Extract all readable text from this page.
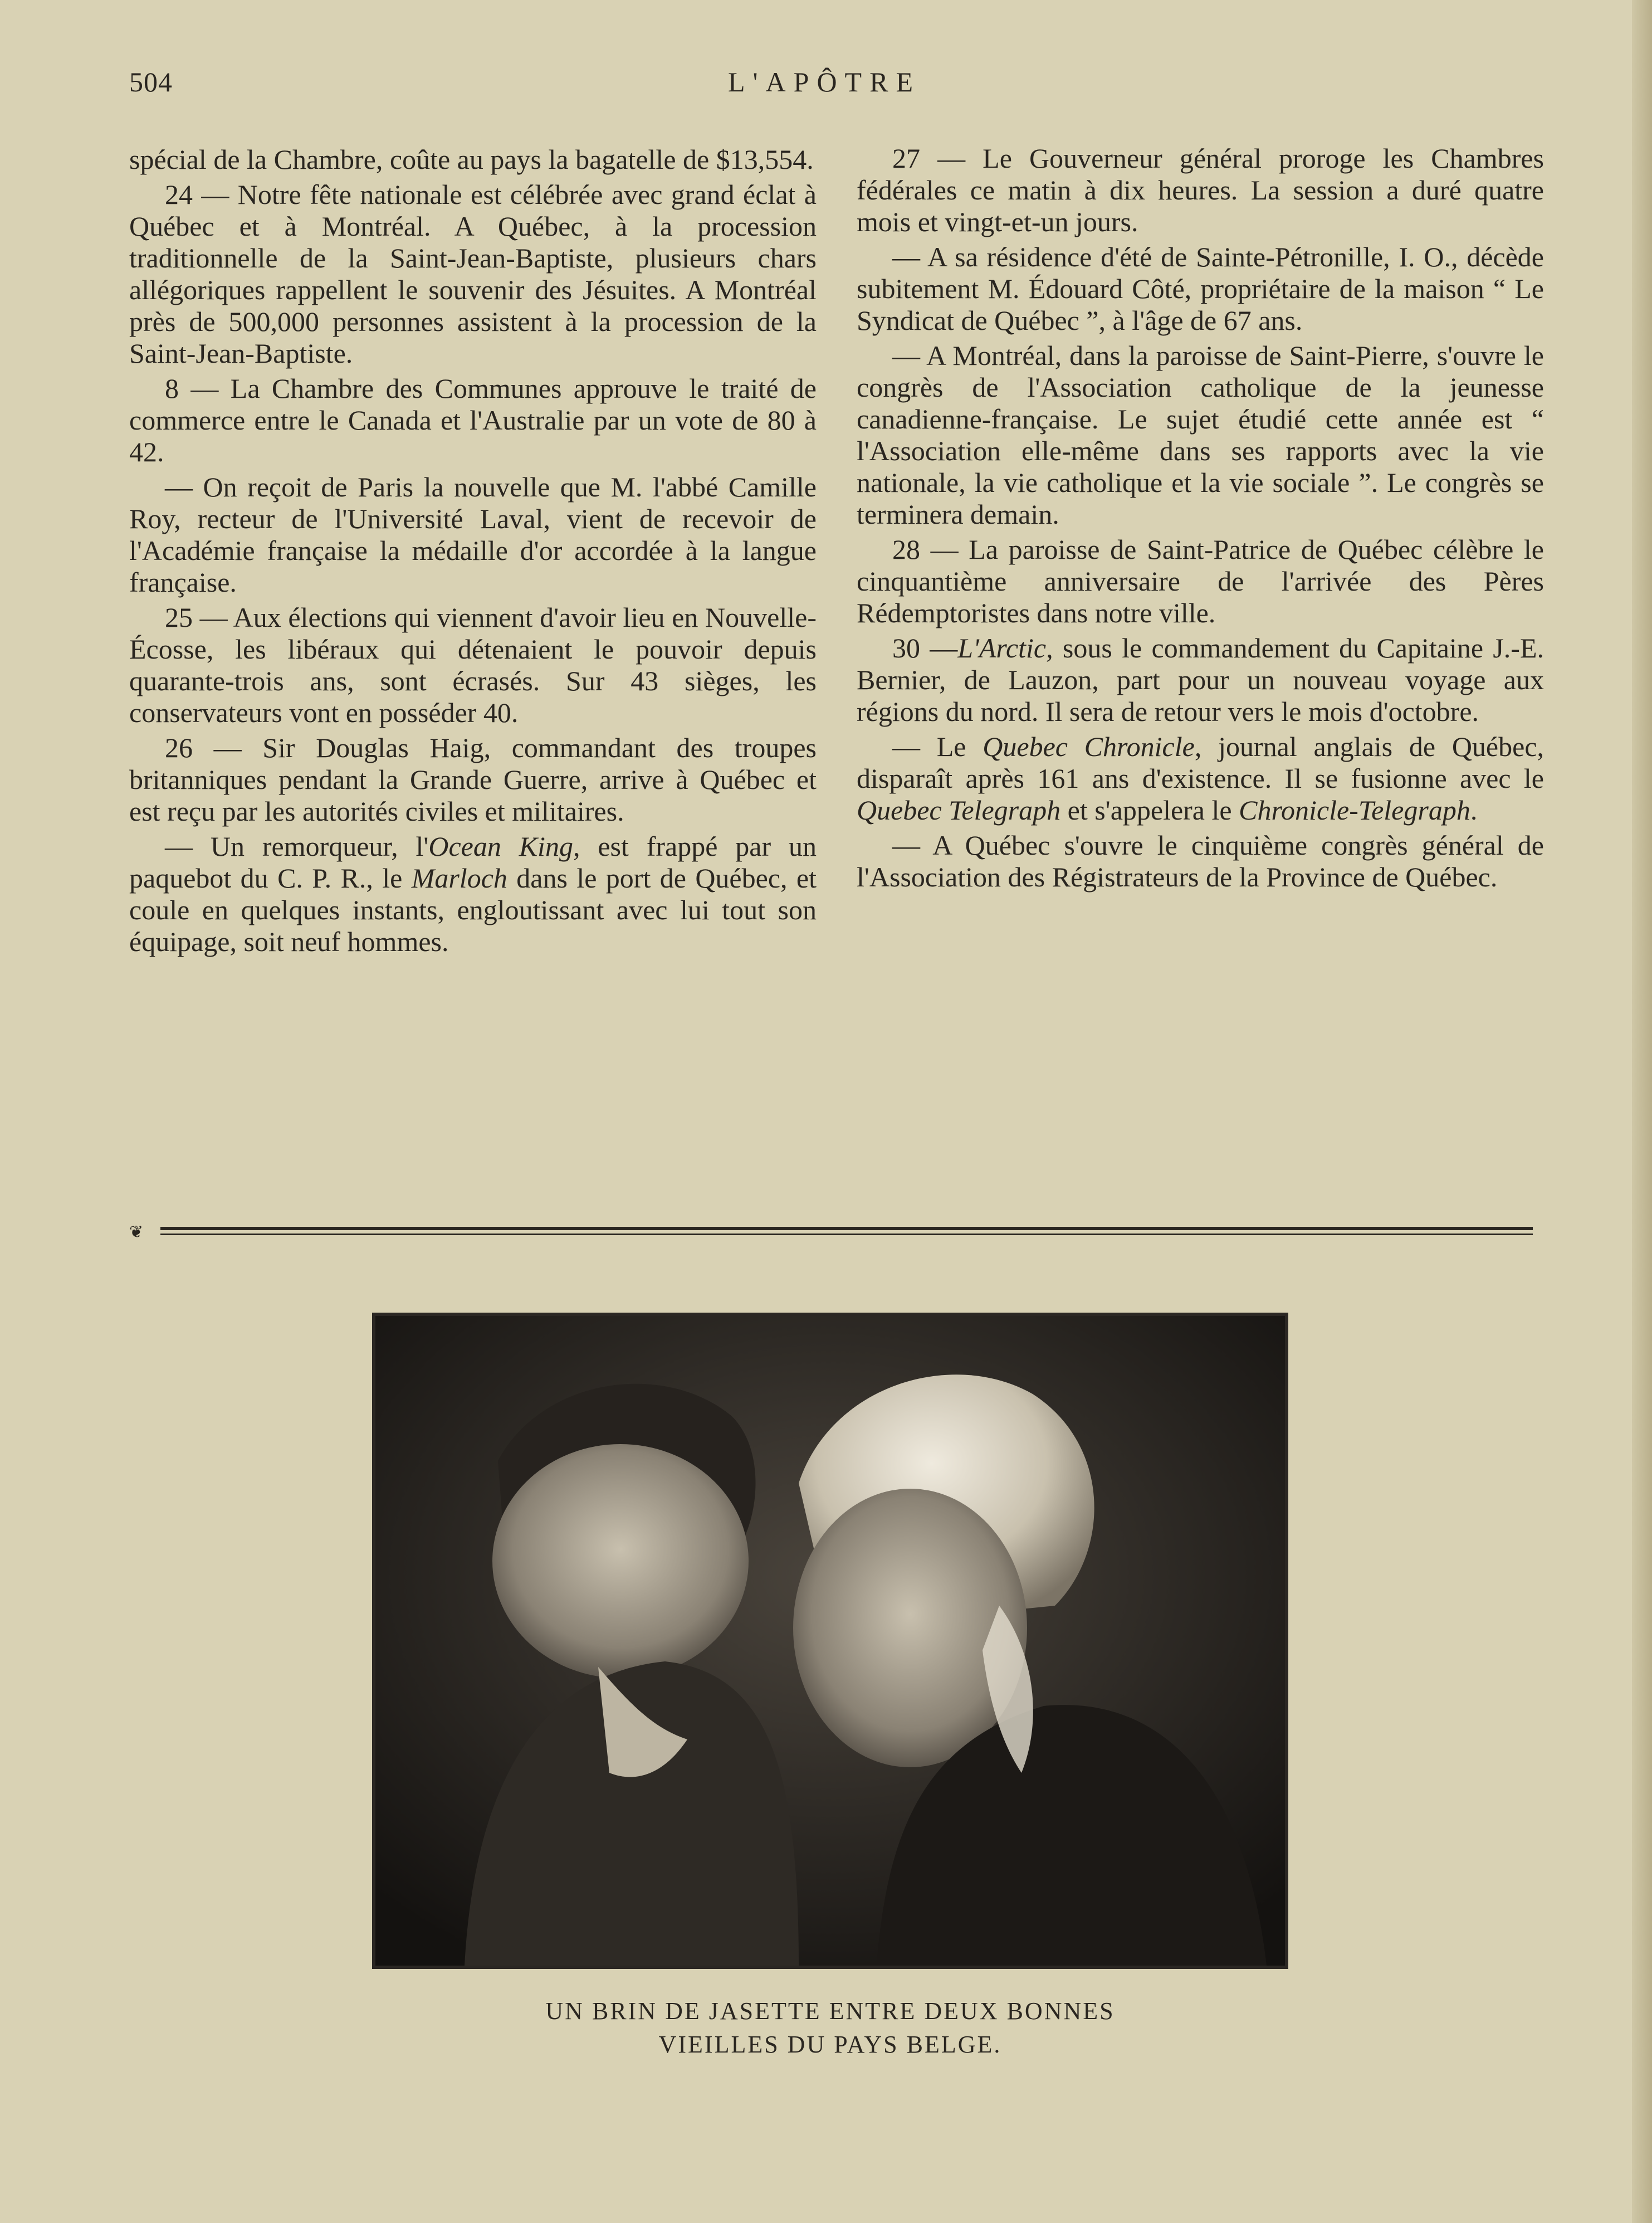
504	L'APÔTRE

spécial de la Chambre, coûte au pays la bagatelle de $13,554.

24 — Notre fête nationale est célébrée avec grand éclat à Québec et à Montréal. A Québec, à la procession traditionnelle de la Saint-Jean-Baptiste, plusieurs chars allégoriques rappellent le souvenir des Jésuites. A Montréal près de 500,000 personnes assistent à la procession de la Saint-Jean-Baptiste.

8 — La Chambre des Communes approuve le traité de commerce entre le Canada et l'Australie par un vote de 80 à 42.

— On reçoit de Paris la nouvelle que M. l'abbé Camille Roy, recteur de l'Université Laval, vient de recevoir de l'Académie française la médaille d'or accordée à la langue française.

25 — Aux élections qui viennent d'avoir lieu en Nouvelle-Écosse, les libéraux qui détenaient le pouvoir depuis quarante-trois ans, sont écrasés. Sur 43 sièges, les conservateurs vont en posséder 40.

26 — Sir Douglas Haig, commandant des troupes britanniques pendant la Grande Guerre, arrive à Québec et est reçu par les autorités civiles et militaires.

— Un remorqueur, l'Ocean King, est frappé par un paquebot du C. P. R., le Marloch dans le port de Québec, et coule en quelques instants, engloutissant avec lui tout son équipage, soit neuf hommes.

27 — Le Gouverneur général proroge les Chambres fédérales ce matin à dix heures. La session a duré quatre mois et vingt-et-un jours.

— A sa résidence d'été de Sainte-Pétronille, I. O., décède subitement M. Édouard Côté, propriétaire de la maison “ Le Syndicat de Québec ”, à l'âge de 67 ans.

— A Montréal, dans la paroisse de Saint-Pierre, s'ouvre le congrès de l'Association catholique de la jeunesse canadienne-française. Le sujet étudié cette année est “ l'Association elle-même dans ses rapports avec la vie nationale, la vie catholique et la vie sociale ”. Le congrès se terminera demain.

28 — La paroisse de Saint-Patrice de Québec célèbre le cinquantième anniversaire de l'arrivée des Pères Rédemptoristes dans notre ville.

30 —L'Arctic, sous le commandement du Capitaine J.-E. Bernier, de Lauzon, part pour un nouveau voyage aux régions du nord. Il sera de retour vers le mois d'octobre.

— Le Quebec Chronicle, journal anglais de Québec, disparaît après 161 ans d'existence. Il se fusionne avec le Quebec Telegraph et s'appelera le Chronicle-Telegraph.

— A Québec s'ouvre le cinquième congrès général de l'Association des Régistrateurs de la Province de Québec.

❦
UN BRIN DE JASETTE ENTRE DEUX BONNES
VIEILLES DU PAYS BELGE.
